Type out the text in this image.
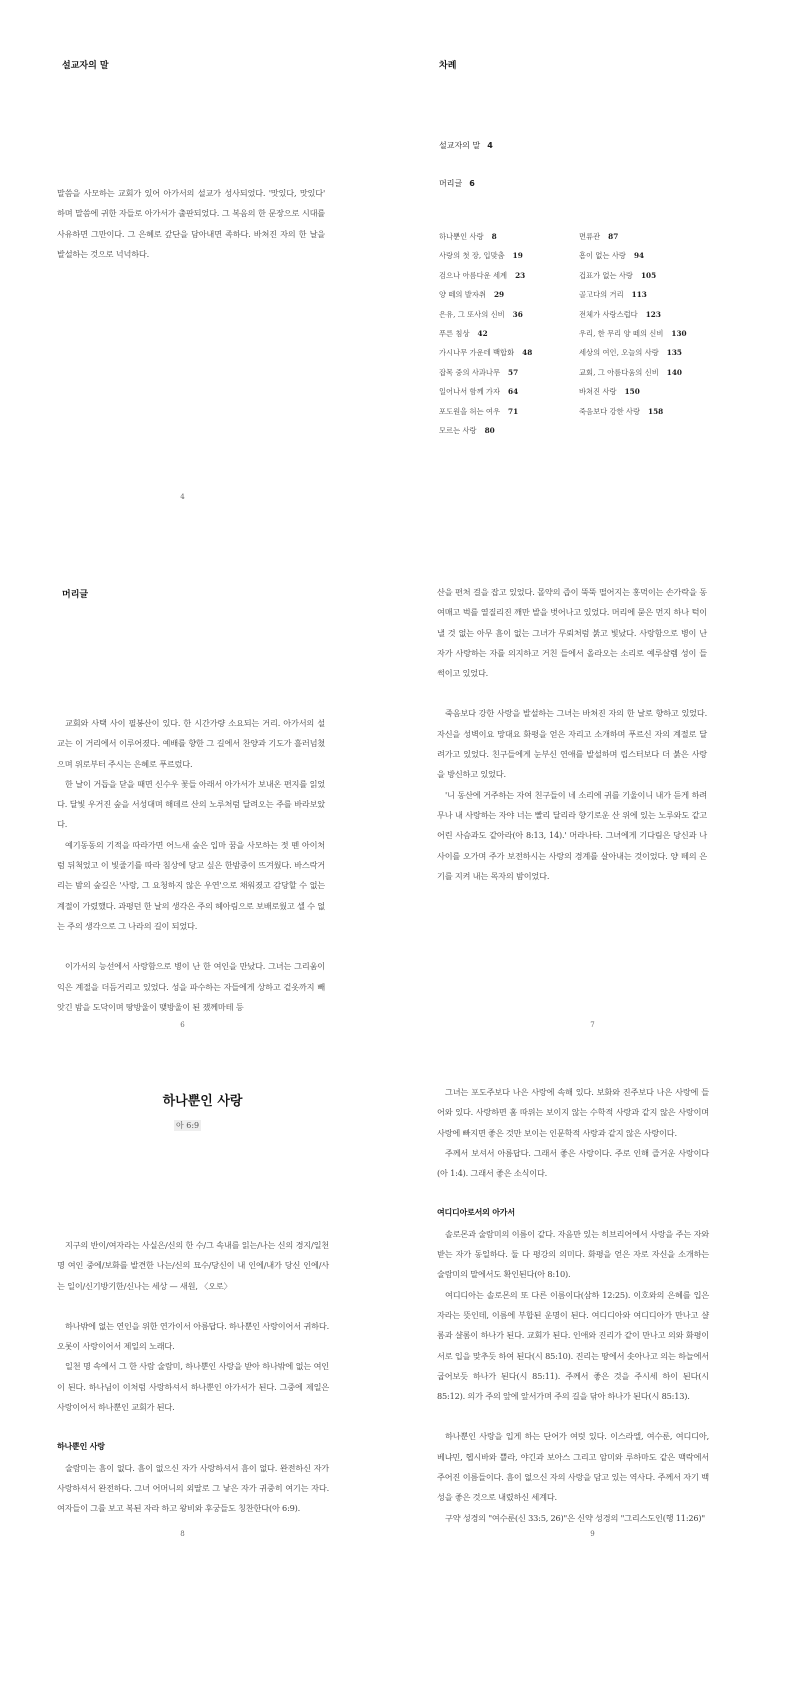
설교자의 말

말씀을 사모하는 교회가 있어 아가서의 설교가 성사되었다. '맛있다, 맛있다' 하며 말씀에 귀한 자들로 아가서가 출판되었다. 그 복음의 한 문장으로 시대를 사유하면 그만이다. 그 은혜로 갚단을 담아내면 족하다. 바쳐진 자의 한 날을 발설하는 것으로 넉넉하다.

4
차례
설교자의 말 4
머리글 6
하나뿐인 사랑 8
사랑의 첫 장, 입맞춤 19
검으나 아름다운 세계 23
양 떼의 발자취 29
은유, 그 또사의 신비 36
푸른 침상 42
가시나무 가운데 백합화 48
잡목 중의 사과나무 57
일어나서 함께 가자 64
포도원을 허는 여우 71
모르는 사랑 80
면류관 87
흠이 없는 사랑 94
겁표가 없는 사랑 105
골고다의 거리 113
전체가 사랑스럽다 123
우리, 한 무리 양 떼의 신비 130
세상의 여인, 오늘의 사랑 135
교회, 그 아름다움의 신비 140
바쳐진 사랑 150
죽음보다 강한 사랑 158
머리글

교회와 사택 사이 필봉산이 있다. 한 시간가량 소요되는 거리. 아가서의 설교는 이 거리에서 이루어졌다. 예배를 향한 그 길에서 찬양과 기도가 흘러넘쳤으며 위로부터 주시는 은혜로 푸르렀다.

한 날이 거듭을 닫을 때면 신수우 꽃들 아래서 아가서가 보내온 편지를 읽었다. 달빛 우거진 숲을 서성대며 해데르 산의 노루처럼 달려오는 주를 바라보았다.

예기동동의 기적을 따라가면 어느새 숲은 입마 꿈을 사모하는 젓 뗀 아이처럼 뒤척었고 이 빛줄기를 따라 침상에 당고 싶은 한밤중이 뜨겨웠다. 바스락거리는 밤의 숲길은 '사랑, 그 요청하지 않은 우연'으로 채워졌고 감당할 수 없는 계절이 가렸했다. 과평던 한 날의 생각은 주의 헤아림으로 보배로웠고 셀 수 없는 주의 생각으로 그 나라의 길이 되었다.

이가서의 능선에서 사랑함으로 병이 난 한 여인을 만났다. 그녀는 그리움이 익은 계절을 더듬거리고 있었다. 성을 파수하는 자들에게 상하고 겉옷까지 빼앗긴 밤을 도닥이며 땅방울이 맺방울이 된 쟀께마테 등

6

산을 편처 걸을 잡고 있었다. 몰약의 즙이 뚝뚝 떨어지는 홍먹이는 손가락을 동여매고 벅를 열질리진 깨만 발을 벗어나고 있었다. 머리에 묻은 먼지 하나 턱이 낼 것 없는 아무 흠이 없는 그녀가 무뢰처럼 붉고 빛났다. 사랑함으로 병이 난 자가 사랑하는 자를 의지하고 거친 들에서 올라오는 소리로 예루살렘 성이 들썩이고 있었다.

죽음보다 강한 사랑을 발설하는 그녀는 바쳐진 자의 한 날로 향하고 있었다. 자신을 성벽이요 망대요 화평을 얻은 자리고 소개하며 푸르신 자의 계절로 달려가고 있었다. 친구들에게 눈부신 연애를 발설하며 립스터보다 더 붉은 사랑을 방신하고 있었다.

'니 동산에 거주하는 자여 친구들이 네 소리에 귀를 기울이니 내가 듣게 하려무나 내 사랑하는 자야 너는 빨리 달리라 향기로운 산 위에 있는 노루와도 같고 어린 사슴과도 같아라(아 8:13, 14).' 머라나타. 그녀에게 기다림은 당신과 나 사이를 오가며 주가 보전하시는 사랑의 경계를 살아내는 것이었다. 양 떼의 은기를 지켜 내는 목자의 밤이었다.

7
하나뿐인 사랑
아 6:9

지구의 반이/여자라는 사실은/신의 한 수/그 속내를 읽는/나는 신의 경지/일천 명 여인 중에/보화를 발견한 나는/신의 묘수/당신이 내 인에/내가 당신 인에/사는 일이/신기방기한/신나는 세상 — 새원, 〈오로〉

하나밖에 없는 연인을 위한 연가이서 아름답다. 하나뿐인 사랑이어서 귀하다. 오롯이 사랑이어서 제일의 노래다.

일천 명 속에서 그 한 사람 술람미, 하나뿐인 사랑을 받아 하나밖에 없는 여인이 된다. 하나님이 이처럼 사랑하셔서 하나뿐인 아가서가 된다. 그중에 제일은 사랑이어서 하나뿐인 교회가 된다.

하나뿐인 사랑

술람미는 흠이 없다. 흠이 없으신 자가 사랑하셔서 흠이 없다. 완전하신 자가 사랑하셔서 완전하다. 그녀 어머니의 외딸로 그 낳은 자가 귀중히 여기는 자다. 여자들이 그를 보고 복된 자라 하고 왕비와 후궁들도 칭찬한다(아 6:9).

8

그녀는 포도주보다 나은 사랑에 속해 있다. 보화와 진주보다 나은 사랑에 들어와 있다. 사랑하면 홈 따위는 보이지 않는 수학적 사랑과 같지 않은 사랑이며 사랑에 빠지면 좋은 것만 보이는 인문학적 사랑과 같지 않은 사랑이다.

주께서 보셔서 아름답다. 그래서 좋은 사랑이다. 주로 인해 즐거운 사랑이다(아 1:4). 그래서 좋은 소식이다.

여디디아로서의 아가서

솔로몬과 술람미의 이름이 같다. 자음만 있는 히브리어에서 사랑을 주는 자와 받는 자가 동일하다. 둘 다 평강의 의미다. 화평을 얻은 자로 자신을 소개하는 술람미의 말에서도 확인된다(아 8:10).

여디디아는 솔로몬의 또 다른 이름이다(삼하 12:25). 이호와의 은혜를 입은 자라는 뜻인데, 이름에 부합된 운명이 된다. 여디디아와 여디디아가 만나고 샬롬과 샬롬이 하나가 된다. 교회가 된다. 인애와 진리가 같이 만나고 의와 화평이 서로 입을 맞추듯 하여 된다(시 85:10). 진리는 땅에서 솟아나고 의는 하늘에서 굽어보듯 하나가 된다(시 85:11). 주께서 좋은 것을 주시세 하이 된다(시 85:12). 의가 주의 앞에 앞서가며 주의 길을 닦아 하나가 된다(시 85:13).

하나뿐인 사랑을 입게 하는 단어가 여럿 있다. 이스라엘, 여수룬, 여디디아, 베냐민, 헵시바와 쁠라, 야긴과 보아스 그리고 암미와 루하마도 같은 맥락에서 주어진 이름들이다. 흠이 없으신 자의 사랑을 담고 있는 역사다. 주께서 자기 백성을 좋은 것으로 내렸하신 세계다.

구약 성경의 "여수룬(신 33:5, 26)"은 신약 성경의 "그리스도인(행 11:26)"

9
